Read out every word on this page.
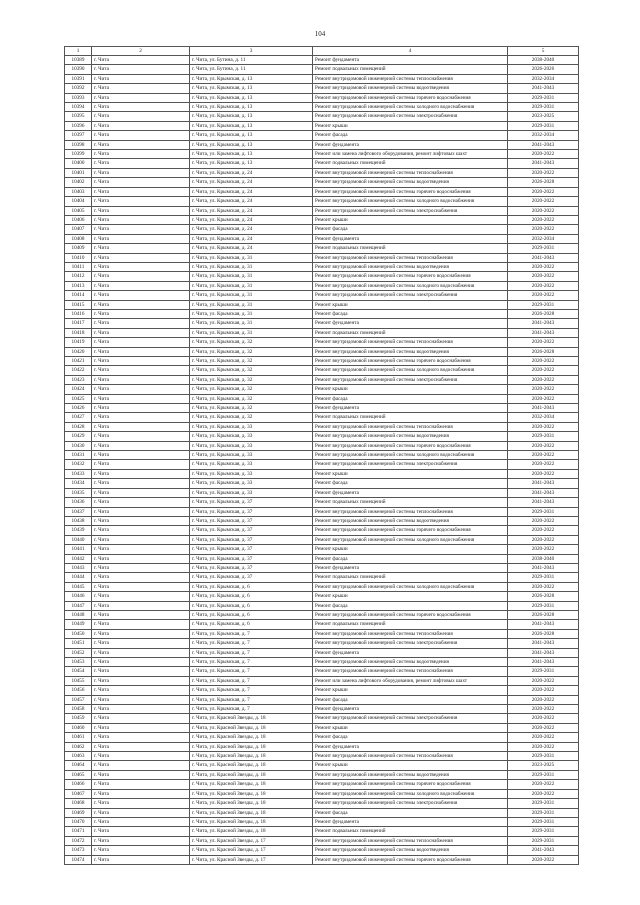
104
1	2	3	4	5
10389	г. Чита	г. Чита, ул. Бутина, д. 11	Ремонт фундамента	2038-2040
10390	г. Чита	г. Чита, ул. Бутина, д. 11	Ремонт подвальных помещений	2026-2026
10391	г. Чита	г. Чита, ул. Крымская, д. 13	Ремонт внутридомовой инженерной системы теплоснабжения	2032-2034
10392	г. Чита	г. Чита, ул. Крымская, д. 13	Ремонт внутридомовой инженерной системы водоотведения	2041-2043
10393	г. Чита	г. Чита, ул. Крымская, д. 13	Ремонт внутридомовой инженерной системы горячего водоснабжения	2029-2031
10394	г. Чита	г. Чита, ул. Крымская, д. 13	Ремонт внутридомовой инженерной системы холодного водоснабжения	2029-2031
10395	г. Чита	г. Чита, ул. Крымская, д. 13	Ремонт внутридомовой инженерной системы электроснабжения	2023-2025
10396	г. Чита	г. Чита, ул. Крымская, д. 13	Ремонт крыши	2029-2031
10397	г. Чита	г. Чита, ул. Крымская, д. 13	Ремонт фасада	2032-2034
10398	г. Чита	г. Чита, ул. Крымская, д. 13	Ремонт фундамента	2041-2043
10399	г. Чита	г. Чита, ул. Крымская, д. 13	Ремонт или замена лифтового оборудования, ремонт лифтовых шахт	2020-2022
10400	г. Чита	г. Чита, ул. Крымская, д. 13	Ремонт подвальных помещений	2041-2043
10401	г. Чита	г. Чита, ул. Крымская, д. 24	Ремонт внутридомовой инженерной системы теплоснабжения	2020-2022
10402	г. Чита	г. Чита, ул. Крымская, д. 24	Ремонт внутридомовой инженерной системы водоотведения	2026-2028
10403	г. Чита	г. Чита, ул. Крымская, д. 24	Ремонт внутридомовой инженерной системы горячего водоснабжения	2020-2022
10404	г. Чита	г. Чита, ул. Крымская, д. 24	Ремонт внутридомовой инженерной системы холодного водоснабжения	2020-2022
10405	г. Чита	г. Чита, ул. Крымская, д. 24	Ремонт внутридомовой инженерной системы электроснабжения	2020-2022
10406	г. Чита	г. Чита, ул. Крымская, д. 24	Ремонт крыши	2020-2022
10407	г. Чита	г. Чита, ул. Крымская, д. 24	Ремонт фасада	2020-2022
10408	г. Чита	г. Чита, ул. Крымская, д. 24	Ремонт фундамента	2032-2034
10409	г. Чита	г. Чита, ул. Крымская, д. 24	Ремонт подвальных помещений	2029-2031
10410	г. Чита	г. Чита, ул. Крымская, д. 31	Ремонт внутридомовой инженерной системы теплоснабжения	2041-2043
10411	г. Чита	г. Чита, ул. Крымская, д. 31	Ремонт внутридомовой инженерной системы водоотведения	2020-2022
10412	г. Чита	г. Чита, ул. Крымская, д. 31	Ремонт внутридомовой инженерной системы горячего водоснабжения	2020-2022
10413	г. Чита	г. Чита, ул. Крымская, д. 31	Ремонт внутридомовой инженерной системы холодного водоснабжения	2020-2022
10414	г. Чита	г. Чита, ул. Крымская, д. 31	Ремонт внутридомовой инженерной системы электроснабжения	2020-2022
10415	г. Чита	г. Чита, ул. Крымская, д. 31	Ремонт крыши	2029-2031
10416	г. Чита	г. Чита, ул. Крымская, д. 31	Ремонт фасада	2026-2028
10417	г. Чита	г. Чита, ул. Крымская, д. 31	Ремонт фундамента	2041-2043
10418	г. Чита	г. Чита, ул. Крымская, д. 31	Ремонт подвальных помещений	2041-2043
10419	г. Чита	г. Чита, ул. Крымская, д. 32	Ремонт внутридомовой инженерной системы теплоснабжения	2020-2022
10420	г. Чита	г. Чита, ул. Крымская, д. 32	Ремонт внутридомовой инженерной системы водоотведения	2026-2028
10421	г. Чита	г. Чита, ул. Крымская, д. 32	Ремонт внутридомовой инженерной системы горячего водоснабжения	2020-2022
10422	г. Чита	г. Чита, ул. Крымская, д. 32	Ремонт внутридомовой инженерной системы холодного водоснабжения	2020-2022
10423	г. Чита	г. Чита, ул. Крымская, д. 32	Ремонт внутридомовой инженерной системы электроснабжения	2020-2022
10424	г. Чита	г. Чита, ул. Крымская, д. 32	Ремонт крыши	2020-2022
10425	г. Чита	г. Чита, ул. Крымская, д. 32	Ремонт фасада	2020-2022
10426	г. Чита	г. Чита, ул. Крымская, д. 32	Ремонт фундамента	2041-2043
10427	г. Чита	г. Чита, ул. Крымская, д. 32	Ремонт подвальных помещений	2032-2034
10428	г. Чита	г. Чита, ул. Крымская, д. 33	Ремонт внутридомовой инженерной системы теплоснабжения	2020-2022
10429	г. Чита	г. Чита, ул. Крымская, д. 33	Ремонт внутридомовой инженерной системы водоотведения	2029-2031
10430	г. Чита	г. Чита, ул. Крымская, д. 33	Ремонт внутридомовой инженерной системы горячего водоснабжения	2020-2022
10431	г. Чита	г. Чита, ул. Крымская, д. 33	Ремонт внутридомовой инженерной системы холодного водоснабжения	2020-2022
10432	г. Чита	г. Чита, ул. Крымская, д. 33	Ремонт внутридомовой инженерной системы электроснабжения	2020-2022
10433	г. Чита	г. Чита, ул. Крымская, д. 33	Ремонт крыши	2020-2022
10434	г. Чита	г. Чита, ул. Крымская, д. 33	Ремонт фасада	2041-2043
10435	г. Чита	г. Чита, ул. Крымская, д. 33	Ремонт фундамента	2041-2043
10436	г. Чита	г. Чита, ул. Крымская, д. 37	Ремонт подвальных помещений	2041-2043
10437	г. Чита	г. Чита, ул. Крымская, д. 37	Ремонт внутридомовой инженерной системы теплоснабжения	2029-2031
10438	г. Чита	г. Чита, ул. Крымская, д. 37	Ремонт внутридомовой инженерной системы водоотведения	2020-2022
10439	г. Чита	г. Чита, ул. Крымская, д. 37	Ремонт внутридомовой инженерной системы горячего водоснабжения	2020-2022
10440	г. Чита	г. Чита, ул. Крымская, д. 37	Ремонт внутридомовой инженерной системы холодного водоснабжения	2020-2022
10441	г. Чита	г. Чита, ул. Крымская, д. 37	Ремонт крыши	2020-2022
10442	г. Чита	г. Чита, ул. Крымская, д. 37	Ремонт фасада	2038-2040
10443	г. Чита	г. Чита, ул. Крымская, д. 37	Ремонт фундамента	2041-2043
10444	г. Чита	г. Чита, ул. Крымская, д. 37	Ремонт подвальных помещений	2029-2031
10445	г. Чита	г. Чита, ул. Крымская, д. 6	Ремонт внутридомовой инженерной системы холодного водоснабжения	2020-2022
10446	г. Чита	г. Чита, ул. Крымская, д. 6	Ремонт крыши	2026-2028
10447	г. Чита	г. Чита, ул. Крымская, д. 6	Ремонт фасада	2029-2031
10448	г. Чита	г. Чита, ул. Крымская, д. 6	Ремонт внутридомовой инженерной системы горячего водоснабжения	2026-2028
10449	г. Чита	г. Чита, ул. Крымская, д. 6	Ремонт подвальных помещений	2041-2043
10450	г. Чита	г. Чита, ул. Крымская, д. 7	Ремонт внутридомовой инженерной системы теплоснабжения	2026-2028
10451	г. Чита	г. Чита, ул. Крымская, д. 7	Ремонт внутридомовой инженерной системы электроснабжения	2041-2043
10452	г. Чита	г. Чита, ул. Крымская, д. 7	Ремонт фундамента	2041-2043
10453	г. Чита	г. Чита, ул. Крымская, д. 7	Ремонт внутридомовой инженерной системы водоотведения	2041-2043
10454	г. Чита	г. Чита, ул. Крымская, д. 7	Ремонт внутридомовой инженерной системы теплоснабжения	2029-2031
10455	г. Чита	г. Чита, ул. Крымская, д. 7	Ремонт или замена лифтового оборудования, ремонт лифтовых шахт	2020-2022
10456	г. Чита	г. Чита, ул. Крымская, д. 7	Ремонт крыши	2020-2022
10457	г. Чита	г. Чита, ул. Крымская, д. 7	Ремонт фасада	2020-2022
10458	г. Чита	г. Чита, ул. Крымская, д. 7	Ремонт фундамента	2020-2022
10459	г. Чита	г. Чита, ул. Красной Звезды, д. 18	Ремонт внутридомовой инженерной системы электроснабжения	2020-2022
10460	г. Чита	г. Чита, ул. Красной Звезды, д. 18	Ремонт крыши	2020-2022
10461	г. Чита	г. Чита, ул. Красной Звезды, д. 18	Ремонт фасада	2020-2022
10462	г. Чита	г. Чита, ул. Красной Звезды, д. 18	Ремонт фундамента	2020-2022
10463	г. Чита	г. Чита, ул. Красной Звезды, д. 18	Ремонт внутридомовой инженерной системы теплоснабжения	2029-2031
10464	г. Чита	г. Чита, ул. Красной Звезды, д. 18	Ремонт крыши	2023-2025
10465	г. Чита	г. Чита, ул. Красной Звезды, д. 18	Ремонт внутридомовой инженерной системы водоотведения	2029-2031
10466	г. Чита	г. Чита, ул. Красной Звезды, д. 18	Ремонт внутридомовой инженерной системы горячего водоснабжения	2020-2022
10467	г. Чита	г. Чита, ул. Красной Звезды, д. 18	Ремонт внутридомовой инженерной системы холодного водоснабжения	2020-2022
10468	г. Чита	г. Чита, ул. Красной Звезды, д. 18	Ремонт внутридомовой инженерной системы электроснабжения	2029-2031
10469	г. Чита	г. Чита, ул. Красной Звезды, д. 18	Ремонт фасада	2029-2031
10470	г. Чита	г. Чита, ул. Красной Звезды, д. 18	Ремонт фундамента	2029-2031
10471	г. Чита	г. Чита, ул. Красной Звезды, д. 18	Ремонт подвальных помещений	2029-2031
10472	г. Чита	г. Чита, ул. Красной Звезды, д. 17	Ремонт внутридомовой инженерной системы теплоснабжения	2029-2031
10473	г. Чита	г. Чита, ул. Красной Звезды, д. 17	Ремонт внутридомовой инженерной системы водоотведения	2041-2043
10474	г. Чита	г. Чита, ул. Красной Звезды, д. 17	Ремонт внутридомовой инженерной системы горячего водоснабжения	2020-2022
